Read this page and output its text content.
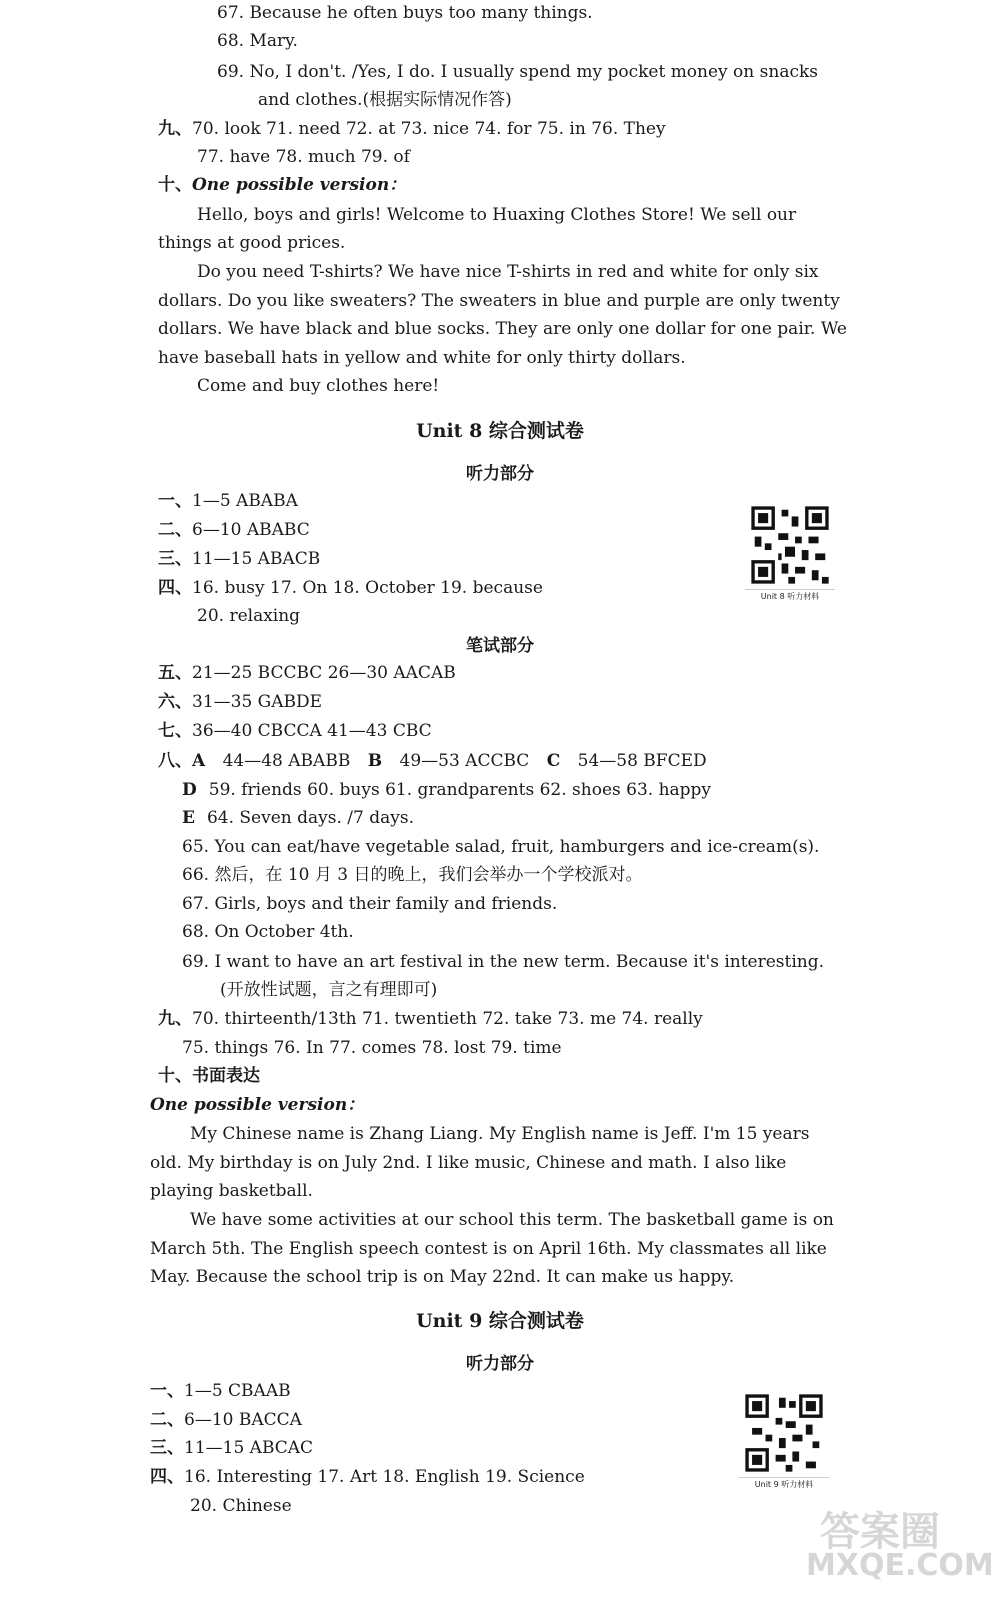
67. Because he often buys too many things.
68. Mary.
69. No, I don't. /Yes, I do. I usually spend my pocket money on snacks
and clothes.(根据实际情况作答)
九、70. look 71. need 72. at 73. nice 74. for 75. in 76. They
77. have 78. much 79. of
十、One possible version：
Hello, boys and girls! Welcome to Huaxing Clothes Store! We sell our
things at good prices.
Do you need T-shirts? We have nice T-shirts in red and white for only six
dollars. Do you like sweaters? The sweaters in blue and purple are only twenty
dollars. We have black and blue socks. They are only one dollar for one pair. We
have baseball hats in yellow and white for only thirty dollars.
Come and buy clothes here!
Unit 8 综合测试卷
听力部分
一、1—5 ABABA
二、6—10 ABABC
三、11—15 ABACB
四、16. busy 17. On 18. October 19. because
20. relaxing
Unit 8 听力材料
笔试部分
五、21—25 BCCBC 26—30 AACAB
六、31—35 GABDE
七、36—40 CBCCA 41—43 CBC
八、A 44—48 ABABB B 49—53 ACCBC C 54—58 BFCED
D 59. friends 60. buys 61. grandparents 62. shoes 63. happy
E 64. Seven days. /7 days.
65. You can eat/have vegetable salad, fruit, hamburgers and ice-cream(s).
66. 然后，在 10 月 3 日的晚上，我们会举办一个学校派对。
67. Girls, boys and their family and friends.
68. On October 4th.
69. I want to have an art festival in the new term. Because it's interesting.
(开放性试题，言之有理即可)
九、70. thirteenth/13th 71. twentieth 72. take 73. me 74. really
75. things 76. In 77. comes 78. lost 79. time
十、书面表达
One possible version：
My Chinese name is Zhang Liang. My English name is Jeff. I'm 15 years
old. My birthday is on July 2nd. I like music, Chinese and math. I also like
playing basketball.
We have some activities at our school this term. The basketball game is on
March 5th. The English speech contest is on April 16th. My classmates all like
May. Because the school trip is on May 22nd. It can make us happy.
Unit 9 综合测试卷
听力部分
一、1—5 CBAAB
二、6—10 BACCA
三、11—15 ABCAC
四、16. Interesting 17. Art 18. English 19. Science
20. Chinese
Unit 9 听力材料
答案圈
MXQE.COM
